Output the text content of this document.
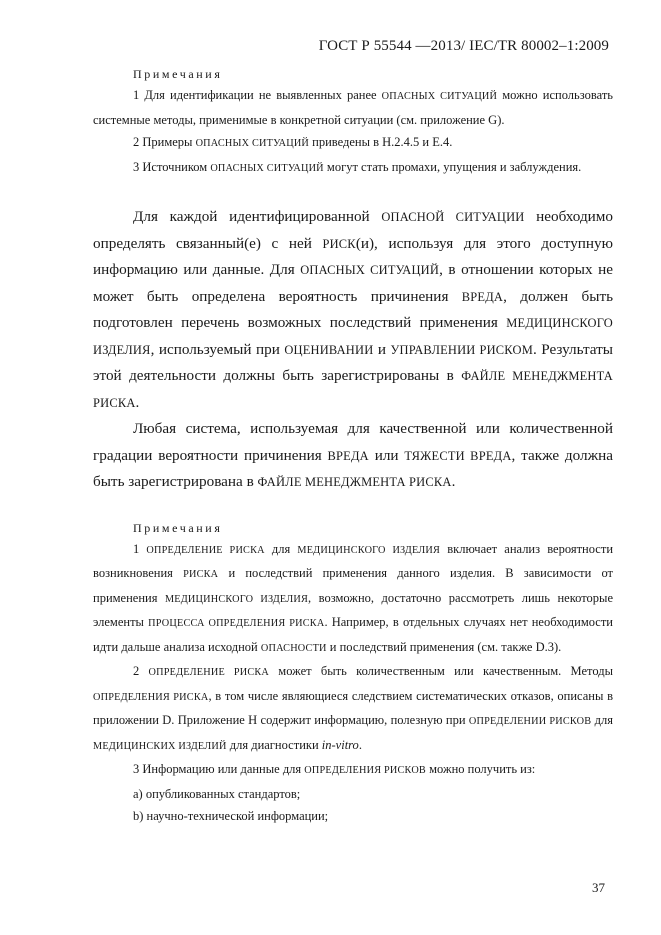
ГОСТ Р 55544 —2013/ IEC/TR 80002–1:2009

Примечания

1 Для идентификации не выявленных ранее ОПАСНЫХ СИТУАЦИЙ можно использовать системные методы, применимые в конкретной ситуации (см. приложение G).

2 Примеры ОПАСНЫХ СИТУАЦИЙ приведены в H.2.4.5 и E.4.

3 Источником ОПАСНЫХ СИТУАЦИЙ могут стать промахи, упущения и заблуждения.

Для каждой идентифицированной ОПАСНОЙ СИТУАЦИИ необходимо определять связанный(е) с ней РИСК(и), используя для этого доступную информацию или данные. Для ОПАСНЫХ СИТУАЦИЙ, в отношении которых не может быть определена вероятность причинения ВРЕДА, должен быть подготовлен перечень возможных последствий применения МЕДИЦИНСКОГО ИЗДЕЛИЯ, используемый при ОЦЕНИВАНИИ и УПРАВЛЕНИИ РИСКОМ. Результаты этой деятельности должны быть зарегистрированы в ФАЙЛЕ МЕНЕДЖМЕНТА РИСКА.

Любая система, используемая для качественной или количественной градации вероятности причинения ВРЕДА или ТЯЖЕСТИ ВРЕДА, также должна быть зарегистрирована в ФАЙЛЕ МЕНЕДЖМЕНТА РИСКА.

Примечания

1 ОПРЕДЕЛЕНИЕ РИСКА для МЕДИЦИНСКОГО ИЗДЕЛИЯ включает анализ вероятности возникновения РИСКА и последствий применения данного изделия. В зависимости от применения МЕДИЦИНСКОГО ИЗДЕЛИЯ, возможно, достаточно рассмотреть лишь некоторые элементы ПРОЦЕССА ОПРЕДЕЛЕНИЯ РИСКА. Например, в отдельных случаях нет необходимости идти дальше анализа исходной ОПАСНОСТИ и последствий применения (см. также D.3).

2 ОПРЕДЕЛЕНИЕ РИСКА может быть количественным или качественным. Методы ОПРЕДЕЛЕНИЯ РИСКА, в том числе являющиеся следствием систематических отказов, описаны в приложении D. Приложение H содержит информацию, полезную при ОПРЕДЕЛЕНИИ РИСКОВ для МЕДИЦИНСКИХ ИЗДЕЛИЙ для диагностики in-vitro.

3 Информацию или данные для ОПРЕДЕЛЕНИЯ РИСКОВ можно получить из:

a) опубликованных стандартов;

b) научно-технической информации;

37
